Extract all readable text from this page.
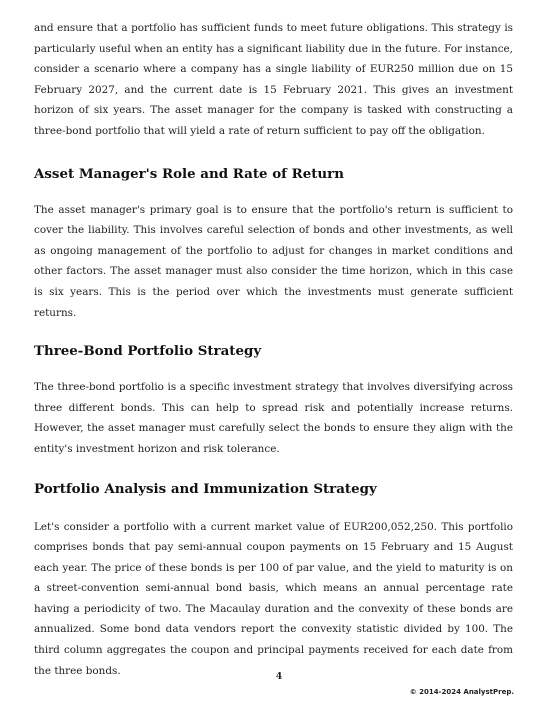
and ensure that a portfolio has sufficient funds to meet future obligations. This strategy is particularly useful when an entity has a significant liability due in the future. For instance, consider a scenario where a company has a single liability of EUR250 million due on 15 February 2027, and the current date is 15 February 2021. This gives an investment horizon of six years. The asset manager for the company is tasked with constructing a three-bond portfolio that will yield a rate of return sufficient to pay off the obligation.

Asset Manager's Role and Rate of Return

The asset manager's primary goal is to ensure that the portfolio's return is sufficient to cover the liability. This involves careful selection of bonds and other investments, as well as ongoing management of the portfolio to adjust for changes in market conditions and other factors. The asset manager must also consider the time horizon, which in this case is six years. This is the period over which the investments must generate sufficient returns.

Three-Bond Portfolio Strategy

The three-bond portfolio is a specific investment strategy that involves diversifying across three different bonds. This can help to spread risk and potentially increase returns. However, the asset manager must carefully select the bonds to ensure they align with the entity's investment horizon and risk tolerance.

Portfolio Analysis and Immunization Strategy

Let's consider a portfolio with a current market value of EUR200,052,250. This portfolio comprises bonds that pay semi-annual coupon payments on 15 February and 15 August each year. The price of these bonds is per 100 of par value, and the yield to maturity is on a street-convention semi-annual bond basis, which means an annual percentage rate having a periodicity of two. The Macaulay duration and the convexity of these bonds are annualized. Some bond data vendors report the convexity statistic divided by 100. The third column aggregates the coupon and principal payments received for each date from the three bonds.

4
© 2014-2024 AnalystPrep.
